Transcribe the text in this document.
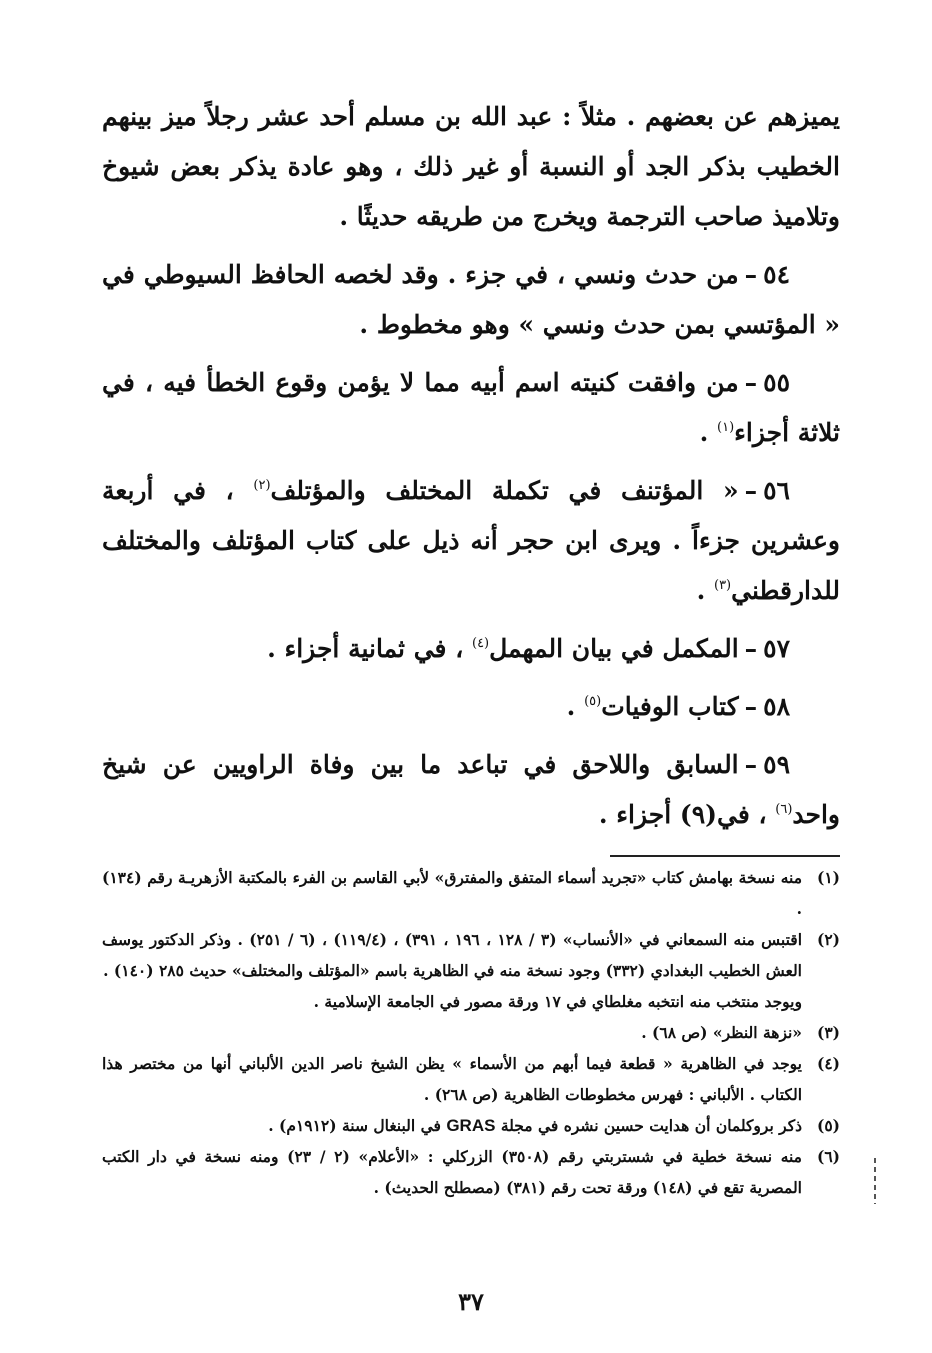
يميزهم عن بعضهم . مثلاً : عبد الله بن مسلم أحد عشر رجلاً ميز بينهم الخطيب بذكر الجد أو النسبة أو غير ذلك ، وهو عادة يذكر بعض شيوخ وتلاميذ صاحب الترجمة ويخرج من طريقه حديثًا .

٥٤–من حدث ونسي ، في جزء . وقد لخصه الحافظ السيوطي في « المؤتسي بمن حدث ونسي » وهو مخطوط .

٥٥–من وافقت كنيته اسم أبيه مما لا يؤمن وقوع الخطأ فيه ، في ثلاثة أجزاء$^{(١)}$ .

٥٦–« المؤتنف في تكملة المختلف والمؤتلف$^{(٢)}$ ، في أربعة وعشرين جزءاً . ويرى ابن حجر أنه ذيل على كتاب المؤتلف والمختلف للدارقطني$^{(٣)}$ .

٥٧–المكمل في بيان المهمل$^{(٤)}$ ، في ثمانية أجزاء .

٥٨–كتاب الوفيات$^{(٥)}$ .

٥٩–السابق واللاحق في تباعد ما بين وفاة الراويين عن شيخ واحد$^{(٦)}$ ، في(٩) أجزاء .

(١)منه نسخة بهامش كتاب «تجريد أسماء المتفق والمفترق» لأبي القاسم بن الفرء بالمكتبة الأزهريـة رقم (١٣٤) .
(٢)اقتبس منه السمعاني في «الأنساب» (٣ / ١٢٨ ، ١٩٦ ، ٣٩١) ، (١١٩/٤) ، (٦ / ٢٥١) . وذكر الدكتور يوسف العش الخطيب البغدادي (٣٣٢) وجود نسخة منه في الظاهرية باسم «المؤتلف والمختلف» حديث ٢٨٥ (١٤٠) .
ويوجد منتخب منه انتخبه مغلطاي في ١٧ ورقة مصور في الجامعة الإسلامية .
(٣)«نزهة النظر» (ص ٦٨) .
(٤)يوجد في الظاهرية « قطعة فيما أبهم من الأسماء » يظن الشيخ ناصر الدين الألباني أنها من مختصر هذا الكتاب . الألباني : فهرس مخطوطات الظاهرية (ص ٢٦٨) .
(٥)ذكر بروكلمان أن هدايت حسين نشره في مجلة GRAS في البنغال سنة (١٩١٢م) .
(٦)منه نسخة خطية في شستربتي رقم (٣٥٠٨) الزركلي : «الأعلام» (٢ / ٢٣) ومنه نسخة في دار الكتب المصرية تقع في (١٤٨) ورقة تحت رقم (٣٨١) (مصطلح الحديث) .
٣٧
